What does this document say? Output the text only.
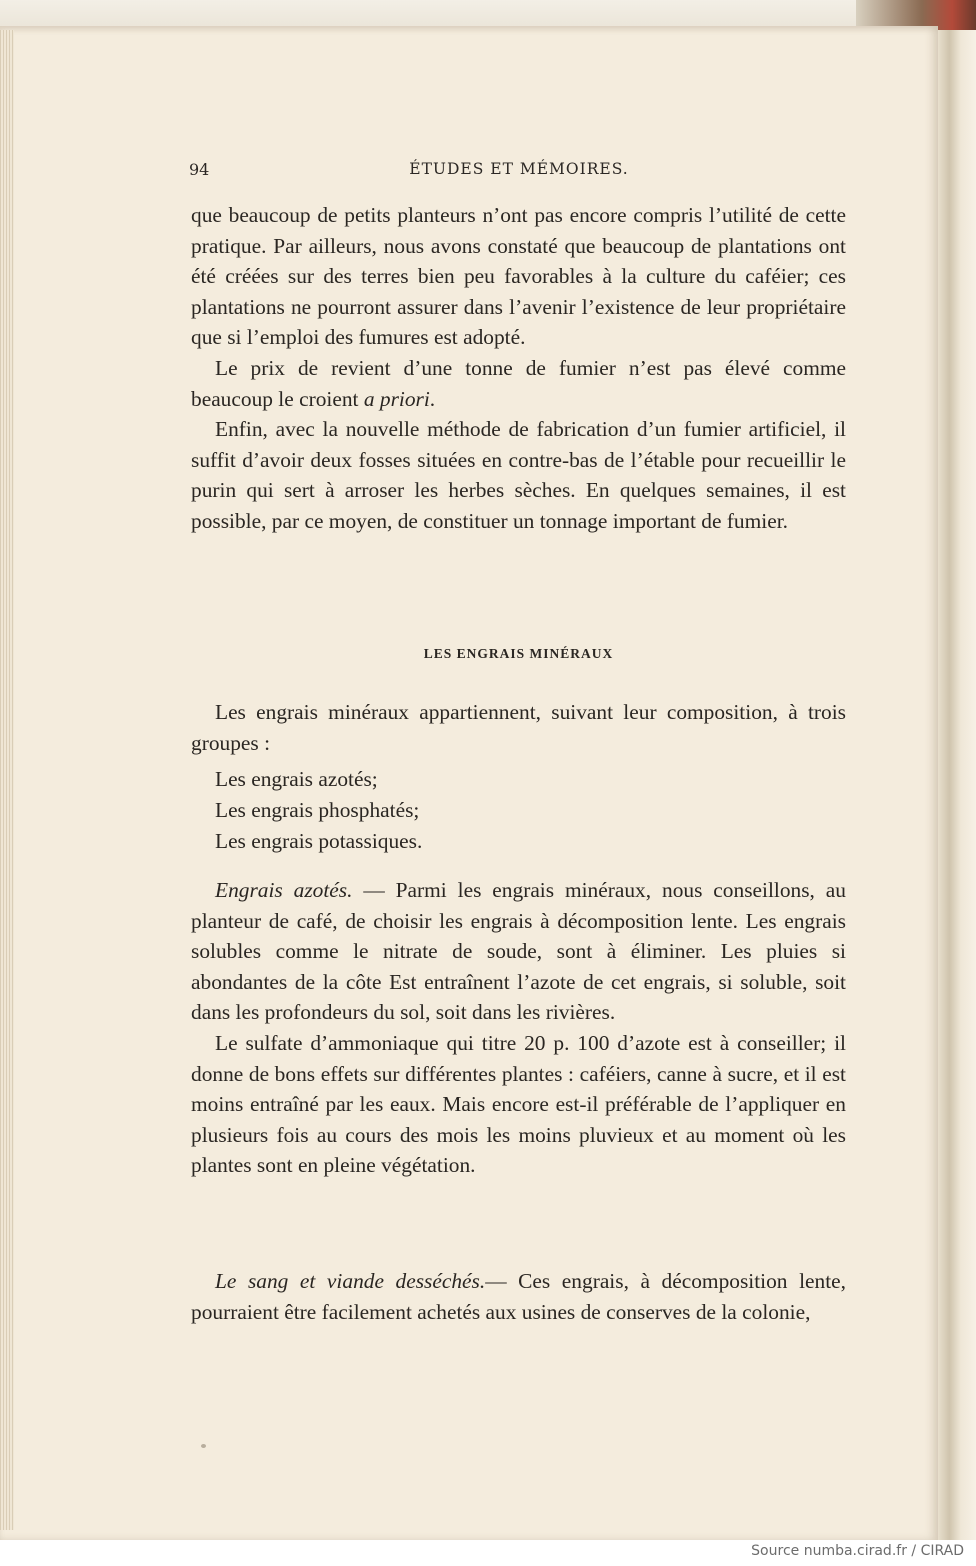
94	ÉTUDES ET MÉMOIRES.

que beaucoup de petits planteurs n’ont pas encore compris l’utilité de cette pratique. Par ailleurs, nous avons constaté que beaucoup de plantations ont été créées sur des terres bien peu favorables à la culture du caféier; ces plantations ne pourront assurer dans l’avenir l’existence de leur propriétaire que si l’emploi des fumures est adopté.

Le prix de revient d’une tonne de fumier n’est pas élevé comme beaucoup le croient a priori.

Enfin, avec la nouvelle méthode de fabrication d’un fumier artificiel, il suffit d’avoir deux fosses situées en contre-bas de l’étable pour recueillir le purin qui sert à arroser les herbes sèches. En quelques semaines, il est possible, par ce moyen, de constituer un tonnage important de fumier.

LES ENGRAIS MINÉRAUX

Les engrais minéraux appartiennent, suivant leur composition, à trois groupes :

Les engrais azotés;
Les engrais phosphatés;
Les engrais potassiques.

Engrais azotés. — Parmi les engrais minéraux, nous conseillons, au planteur de café, de choisir les engrais à décomposition lente. Les engrais solubles comme le nitrate de soude, sont à éliminer. Les pluies si abondantes de la côte Est entraînent l’azote de cet engrais, si soluble, soit dans les profondeurs du sol, soit dans les rivières.

Le sulfate d’ammoniaque qui titre 20 p. 100 d’azote est à conseiller; il donne de bons effets sur différentes plantes : caféiers, canne à sucre, et il est moins entraîné par les eaux. Mais encore est-il préférable de l’appliquer en plusieurs fois au cours des mois les moins pluvieux et au moment où les plantes sont en pleine végétation.

Le sang et viande desséchés.— Ces engrais, à décomposition lente, pourraient être facilement achetés aux usines de conserves de la colonie,

Source numba.cirad.fr / CIRAD
